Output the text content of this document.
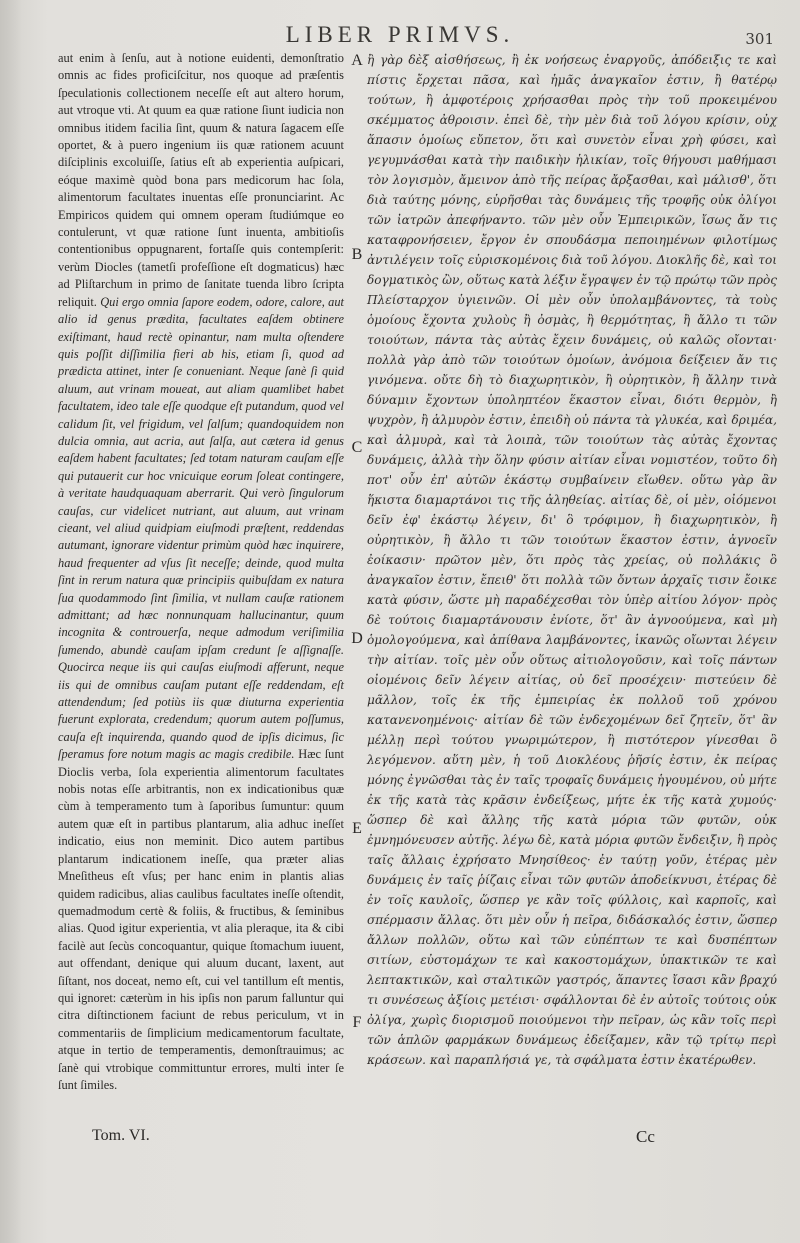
LIBER PRIMVS.	301

aut enim à ſenſu, aut à notione euidenti, demonſtratio omnis ac fides proficiſcitur, nos quoque ad præſentis ſpeculationis collectionem neceſſe eſt aut altero horum, aut vtroque vti. At quum ea quæ ratione ſiunt iudicia non omnibus itidem facilia ſint, quum & natura ſagacem eſſe oportet, & à puero ingenium iis quæ rationem acuunt diſciplinis excoluiſſe, ſatius eſt ab experientia auſpicari, eóque maximè quòd bona pars medicorum hac ſola, alimentorum facultates inuentas eſſe pronunciarint. Ac Empiricos quidem qui omnem operam ſtudiúmque eo contulerunt, vt quæ ratione ſunt inuenta, ambitioſis contentionibus oppugnarent, fortaſſe quis contempſerit: verùm Diocles (tametſi profeſſione eſt dogmaticus) hæc ad Pliſtarchum in primo de ſanitate tuenda libro ſcripta reliquit. Qui ergo omnia ſapore eodem, odore, calore, aut alio id genus prædita, facultates eaſdem obtinere exiſtimant, haud rectè opinantur, nam multa oſtendere quis poſſit diſſimilia fieri ab his, etiam ſi, quod ad prædicta attinet, inter ſe conueniant. Neque ſanè ſi quid aluum, aut vrinam moueat, aut aliam quamlibet habet facultatem, ideo tale eſſe quodque eſt putandum, quod vel calidum ſit, vel frigidum, vel ſalſum; quandoquidem non dulcia omnia, aut acria, aut ſalſa, aut cætera id genus eaſdem habent facultates; ſed totam naturam cauſam eſſe qui putauerit cur hoc vnicuique eorum ſoleat contingere, à veritate haudquaquam aberrarit. Qui verò ſingulorum cauſas, cur videlicet nutriant, aut aluum, aut vrinam cieant, vel aliud quidpiam eiuſmodi præſtent, reddendas autumant, ignorare videntur primùm quòd hæc inquirere, haud frequenter ad vſus ſit neceſſe; deinde, quod multa ſint in rerum natura quæ principiis quibuſdam ex natura ſua quodammodo ſint ſimilia, vt nullam cauſæ rationem admittant; ad hæc nonnunquam hallucinantur, quum incognita & controuerſa, neque admodum veriſimilia ſumendo, abundè cauſam ipſam credunt ſe aſſignaſſe. Quocirca neque iis qui cauſas eiuſmodi afferunt, neque iis qui de omnibus cauſam putant eſſe reddendam, eſt attendendum; ſed potiùs iis quæ diuturna experientia fuerunt explorata, credendum; quorum autem poſſumus, cauſa eſt inquirenda, quando quod de ipſis dicimus, ſic ſperamus fore notum magis ac magis credibile. Hæc ſunt Dioclis verba, ſola experientia alimentorum facultates nobis notas eſſe arbitrantis, non ex indicationibus quæ cùm à temperamento tum à ſaporibus ſumuntur: quum autem quæ eſt in partibus plantarum, alia adhuc ineſſet indicatio, eius non meminit. Dico autem partibus plantarum indicationem ineſſe, qua præter alias Mneſitheus eſt vſus; per hanc enim in plantis alias quidem radicibus, alias caulibus facultates ineſſe oſtendit, quemadmodum certè & foliis, & fructibus, & ſeminibus alias. Quod igitur experientia, vt alia pleraque, ita & cibi facilè aut ſecùs concoquantur, quique ſtomachum iuuent, aut offendant, denique qui aluum ducant, laxent, aut ſiſtant, nos doceat, nemo eſt, cui vel tantillum eſt mentis, qui ignoret: cæterùm in his ipſis non parum falluntur qui citra diſtinctionem faciunt de rebus periculum, vt in commentariis de ſimplicium medicamentorum facultate, atque in tertio de temperamentis, demonſtrauimus; ac ſanè qui vtrobique committuntur errores, multi inter ſe ſunt ſimiles.

A
B
C
D
E
F

ἢ γὰρ δὲξ αἰσθήσεως, ἢ ἐκ νοήσεως ἐναργοῦς, ἀπόδειξις τε καὶ πίστις ἔρχεται πᾶσα, καὶ ἡμᾶς ἀναγκαῖον ἐστιν, ἢ θατέρῳ τούτων, ἢ ἀμφοτέροις χρήσασθαι πρὸς τὴν τοῦ προκειμένου σκέμματος ἀθροισιν. ἐπεὶ δὲ, τὴν μὲν διὰ τοῦ λόγου κρίσιν, οὐχ ἅπασιν ὁμοίως εὔπετον, ὅτι καὶ συνετὸν εἶναι χρὴ φύσει, καὶ γεγυμνάσθαι κατὰ τὴν παιδικὴν ἡλικίαν, τοῖς θήγουσι μαθήμασι τὸν λογισμὸν, ἄμεινον ἀπὸ τῆς πείρας ἄρξασθαι, καὶ μάλισθ', ὅτι διὰ ταύτης μόνης, εὑρῆσθαι τὰς δυνάμεις τῆς τροφῆς οὐκ ὀλίγοι τῶν ἰατρῶν ἀπεφήναντο. τῶν μὲν οὖν Ἐμπειρικῶν, ἴσως ἄν τις καταφρονήσειεν, ἔργον ἐν σπουδάσμα πεποιημένων φιλοτίμως ἀντιλέγειν τοῖς εὑρισκομένοις διὰ τοῦ λόγου. Διοκλῆς δὲ, καὶ τοι δογματικὸς ὢν, οὕτως κατὰ λέξιν ἔγραψεν ἐν τῷ πρώτῳ τῶν πρὸς Πλείσταρχον ὑγιεινῶν. Οἱ μὲν οὖν ὑπολαμβάνοντες, τὰ τοὺς ὁμοίους ἔχοντα χυλοὺς ἢ ὀσμὰς, ἢ θερμότητας, ἢ ἄλλο τι τῶν τοιούτων, πάντα τὰς αὐτὰς ἔχειν δυνάμεις, οὐ καλῶς οἴονται· πολλὰ γὰρ ἀπὸ τῶν τοιούτων ὁμοίων, ἀνόμοια δείξειεν ἄν τις γινόμενα. οὔτε δὴ τὸ διαχωρητικὸν, ἢ οὐρητικὸν, ἢ ἄλλην τινὰ δύναμιν ἔχοντων ὑποληπτέον ἕκαστον εἶναι, διότι θερμὸν, ἢ ψυχρὸν, ἢ ἁλμυρὸν ἐστιν, ἐπειδὴ οὐ πάντα τὰ γλυκέα, καὶ δριμέα, καὶ ἁλμυρὰ, καὶ τὰ λοιπὰ, τῶν τοιούτων τὰς αὐτὰς ἔχοντας δυνάμεις, ἀλλὰ τὴν ὅλην φύσιν αἰτίαν εἶναι νομιστέον, τοῦτο δὴ ποτ' οὖν ἐπ' αὐτῶν ἑκάστῳ συμβαίνειν εἴωθεν. οὕτω γὰρ ἂν ἥκιστα διαμαρτάνοι τις τῆς ἀληθείας. αἰτίας δὲ, οἱ μὲν, οἰόμενοι δεῖν ἐφ' ἑκάστῳ λέγειν, δι' ὃ τρόφιμον, ἢ διαχωρητικὸν, ἢ οὐρητικὸν, ἢ ἄλλο τι τῶν τοιούτων ἕκαστον ἐστιν, ἀγνοεῖν ἐοίκασιν· πρῶτον μὲν, ὅτι πρὸς τὰς χρείας, οὐ πολλάκις ὃ ἀναγκαῖον ἐστιν, ἔπειθ' ὅτι πολλὰ τῶν ὄντων ἀρχαῖς τισιν ἔοικε κατὰ φύσιν, ὥστε μὴ παραδέχεσθαι τὸν ὑπὲρ αἰτίου λόγον· πρὸς δὲ τούτοις διαμαρτάνουσιν ἐνίοτε, ὅτ' ἂν ἀγνοούμενα, καὶ μὴ ὁμολογούμενα, καὶ ἀπίθανα λαμβάνοντες, ἱκανῶς οἴωνται λέγειν τὴν αἰτίαν. τοῖς μὲν οὖν οὕτως αἰτιολογοῦσιν, καὶ τοῖς πάντων οἰομένοις δεῖν λέγειν αἰτίας, οὐ δεῖ προσέχειν· πιστεύειν δὲ μᾶλλον, τοῖς ἐκ τῆς ἐμπειρίας ἐκ πολλοῦ τοῦ χρόνου κατανενοημένοις· αἰτίαν δὲ τῶν ἐνδεχομένων δεῖ ζητεῖν, ὅτ' ἂν μέλλῃ περὶ τούτου γνωριμώτερον, ἢ πιστότερον γίνεσθαι ὃ λεγόμενον. αὕτη μὲν, ἡ τοῦ Διοκλέους ῥῆσίς ἐστιν, ἐκ πείρας μόνης ἐγνῶσθαι τὰς ἐν ταῖς τροφαῖς δυνάμεις ἡγουμένου, οὐ μήτε ἐκ τῆς κατὰ τὰς κρᾶσιν ἐνδείξεως, μήτε ἐκ τῆς κατὰ χυμούς· ὥσπερ δὲ καὶ ἄλλης τῆς κατὰ μόρια τῶν φυτῶν, οὐκ ἐμνημόνευσεν αὐτῆς. λέγω δὲ, κατὰ μόρια φυτῶν ἔνδειξιν, ἣ πρὸς ταῖς ἄλλαις ἐχρήσατο Μνησίθεος· ἐν ταύτῃ γοῦν, ἑτέρας μὲν δυνάμεις ἐν ταῖς ῥίζαις εἶναι τῶν φυτῶν ἀποδείκνυσι, ἑτέρας δὲ ἐν τοῖς καυλοῖς, ὥσπερ γε κἂν τοῖς φύλλοις, καὶ καρποῖς, καὶ σπέρμασιν ἄλλας. ὅτι μὲν οὖν ἡ πεῖρα, διδάσκαλός ἐστιν, ὥσπερ ἄλλων πολλῶν, οὕτω καὶ τῶν εὐπέπτων τε καὶ δυσπέπτων σιτίων, εὐστομάχων τε καὶ κακοστομάχων, ὑπακτικῶν τε καὶ λεπτακτικῶν, καὶ σταλτικῶν γαστρός, ἅπαντες ἴσασι κἂν βραχύ τι συνέσεως ἀξίοις μετέισι· σφάλλονται δὲ ἐν αὐτοῖς τούτοις οὐκ ὀλίγα, χωρὶς διορισμοῦ ποιούμενοι τὴν πεῖραν, ὡς κἂν τοῖς περὶ τῶν ἁπλῶν φαρμάκων δυνάμεως ἐδείξαμεν, κἂν τῷ τρίτῳ περὶ κράσεων. καὶ παραπλήσιά γε, τὰ σφάλματα ἐστιν ἑκατέρωθεν.

Tom. VI.	Cc
